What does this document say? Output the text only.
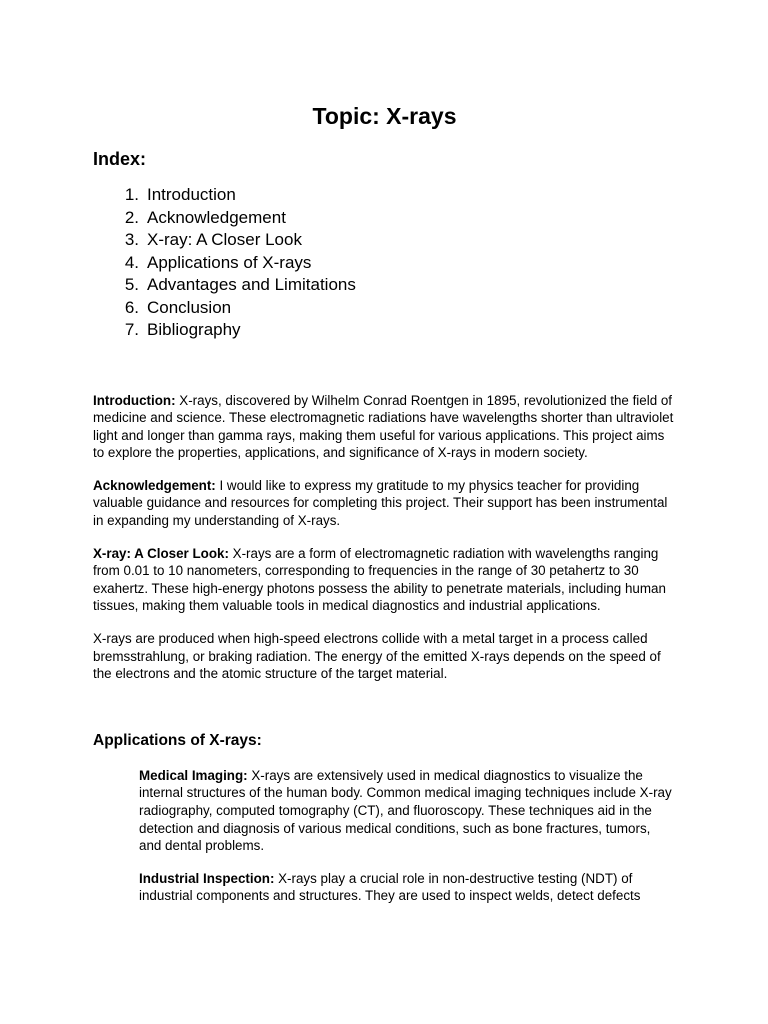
Topic: X-rays
Index:
1. Introduction
2. Acknowledgement
3. X-ray: A Closer Look
4. Applications of X-rays
5. Advantages and Limitations
6. Conclusion
7. Bibliography

Introduction: X-rays, discovered by Wilhelm Conrad Roentgen in 1895, revolutionized the field of medicine and science. These electromagnetic radiations have wavelengths shorter than ultraviolet light and longer than gamma rays, making them useful for various applications. This project aims to explore the properties, applications, and significance of X-rays in modern society.

Acknowledgement: I would like to express my gratitude to my physics teacher for providing valuable guidance and resources for completing this project. Their support has been instrumental in expanding my understanding of X-rays.

X-ray: A Closer Look: X-rays are a form of electromagnetic radiation with wavelengths ranging from 0.01 to 10 nanometers, corresponding to frequencies in the range of 30 petahertz to 30 exahertz. These high-energy photons possess the ability to penetrate materials, including human tissues, making them valuable tools in medical diagnostics and industrial applications.

X-rays are produced when high-speed electrons collide with a metal target in a process called bremsstrahlung, or braking radiation. The energy of the emitted X-rays depends on the speed of the electrons and the atomic structure of the target material.

Applications of X-rays:

Medical Imaging: X-rays are extensively used in medical diagnostics to visualize the internal structures of the human body. Common medical imaging techniques include X-ray radiography, computed tomography (CT), and fluoroscopy. These techniques aid in the detection and diagnosis of various medical conditions, such as bone fractures, tumors, and dental problems.

Industrial Inspection: X-rays play a crucial role in non-destructive testing (NDT) of industrial components and structures. They are used to inspect welds, detect defects
